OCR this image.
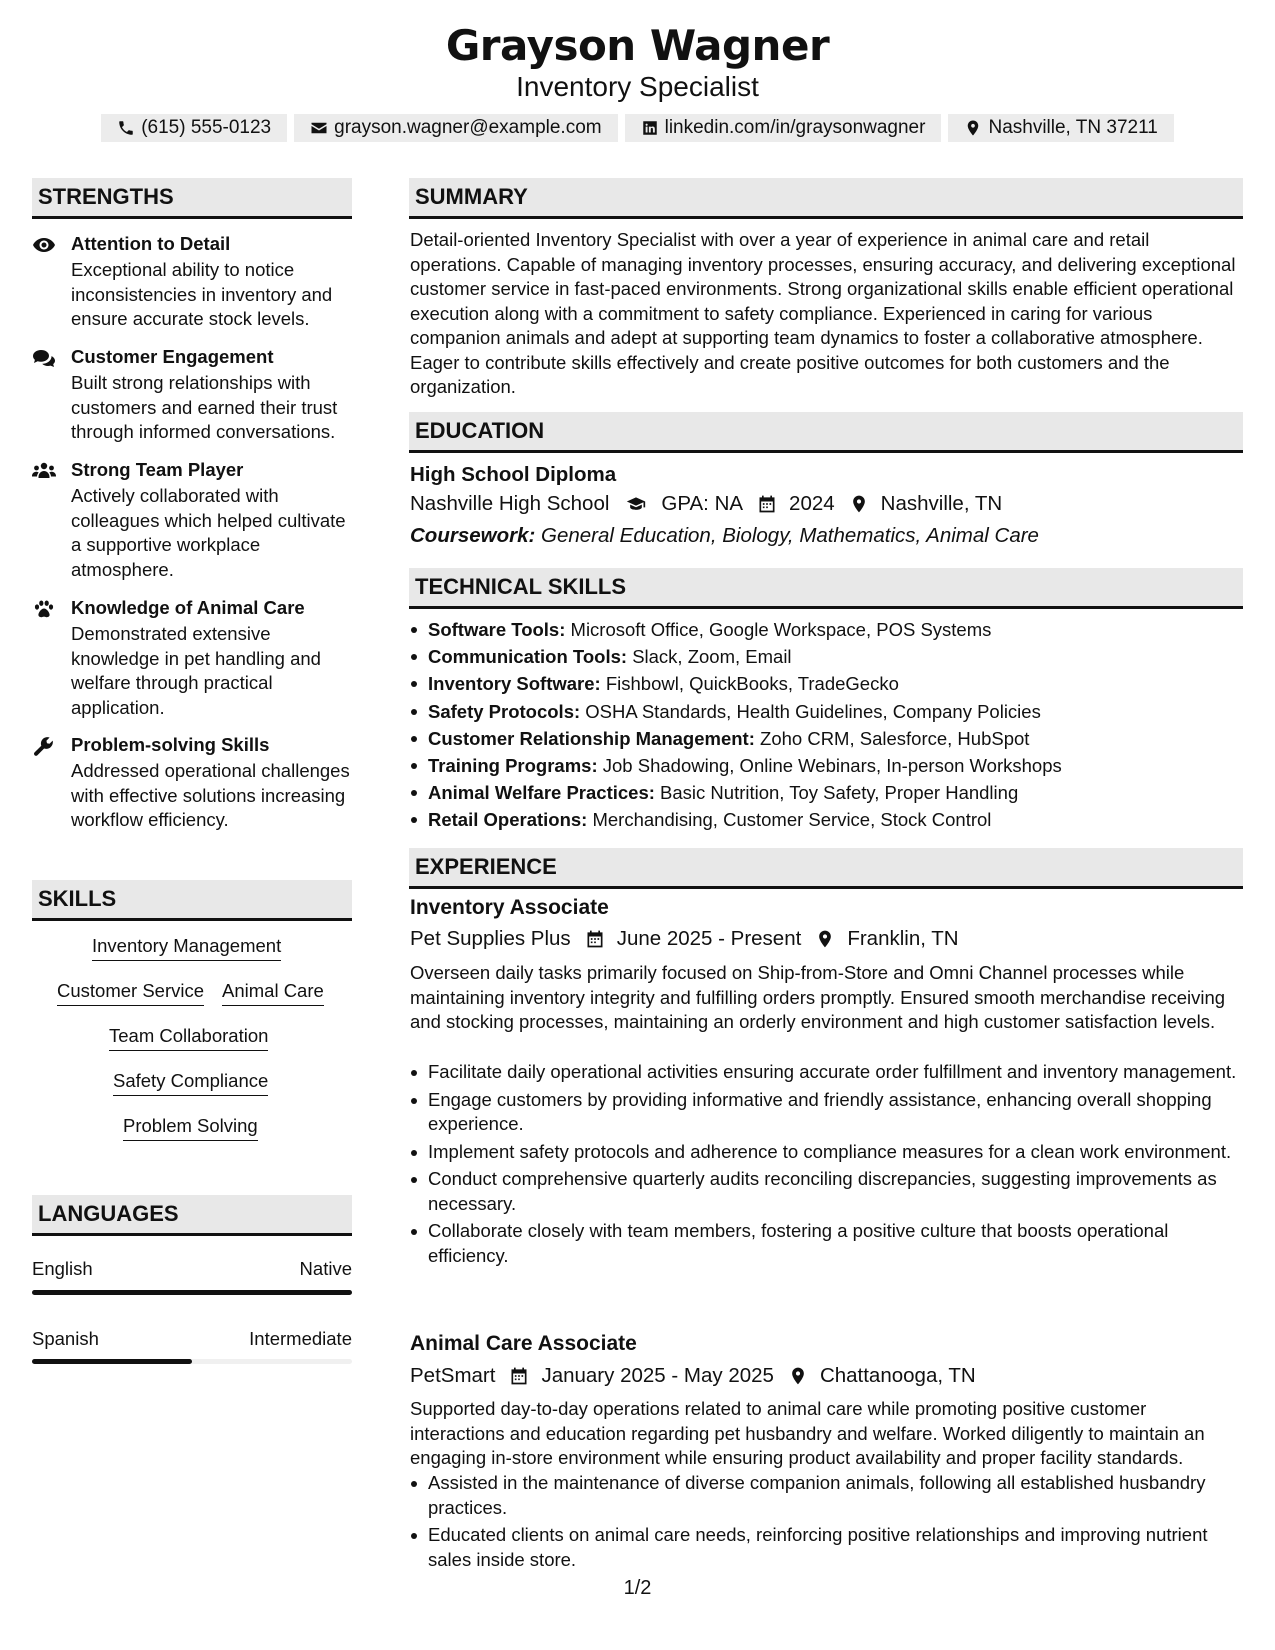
Grayson Wagner
Inventory Specialist
(615) 555-0123	grayson.wagner@example.com	linkedin.com/in/graysonwagner	Nashville, TN 37211
STRENGTHS
Attention to Detail
Exceptional ability to notice inconsistencies in inventory and ensure accurate stock levels.
Customer Engagement
Built strong relationships with customers and earned their trust through informed conversations.
Strong Team Player
Actively collaborated with colleagues which helped cultivate a supportive workplace atmosphere.
Knowledge of Animal Care
Demonstrated extensive knowledge in pet handling and welfare through practical application.
Problem-solving Skills
Addressed operational challenges with effective solutions increasing workflow efficiency.
SKILLS
Inventory Management
Customer Service Animal Care
Team Collaboration
Safety Compliance
Problem Solving
LANGUAGES
English	Native
Spanish	Intermediate
SUMMARY
Detail-oriented Inventory Specialist with over a year of experience in animal care and retail operations. Capable of managing inventory processes, ensuring accuracy, and delivering exceptional customer service in fast-paced environments. Strong organizational skills enable efficient operational execution along with a commitment to safety compliance. Experienced in caring for various companion animals and adept at supporting team dynamics to foster a collaborative atmosphere. Eager to contribute skills effectively and create positive outcomes for both customers and the organization.
EDUCATION
High School Diploma
Nashville High School	GPA: NA 2024 Nashville, TN
Coursework: General Education, Biology, Mathematics, Animal Care
TECHNICAL SKILLS
Software Tools: Microsoft Office, Google Workspace, POS Systems
Communication Tools: Slack, Zoom, Email
Inventory Software: Fishbowl, QuickBooks, TradeGecko
Safety Protocols: OSHA Standards, Health Guidelines, Company Policies
Customer Relationship Management: Zoho CRM, Salesforce, HubSpot
Training Programs: Job Shadowing, Online Webinars, In-person Workshops
Animal Welfare Practices: Basic Nutrition, Toy Safety, Proper Handling
Retail Operations: Merchandising, Customer Service, Stock Control
EXPERIENCE
Inventory Associate
Pet Supplies Plus June 2025 - Present Franklin, TN
Overseen daily tasks primarily focused on Ship-from-Store and Omni Channel processes while maintaining inventory integrity and fulfilling orders promptly. Ensured smooth merchandise receiving and stocking processes, maintaining an orderly environment and high customer satisfaction levels.
Facilitate daily operational activities ensuring accurate order fulfillment and inventory management.
Engage customers by providing informative and friendly assistance, enhancing overall shopping experience.
Implement safety protocols and adherence to compliance measures for a clean work environment.
Conduct comprehensive quarterly audits reconciling discrepancies, suggesting improvements as necessary.
Collaborate closely with team members, fostering a positive culture that boosts operational efficiency.
Animal Care Associate
PetSmart January 2025 - May 2025 Chattanooga, TN
Supported day-to-day operations related to animal care while promoting positive customer interactions and education regarding pet husbandry and welfare. Worked diligently to maintain an engaging in-store environment while ensuring product availability and proper facility standards.
Assisted in the maintenance of diverse companion animals, following all established husbandry practices.
Educated clients on animal care needs, reinforcing positive relationships and improving nutrient sales inside store.
1/2
